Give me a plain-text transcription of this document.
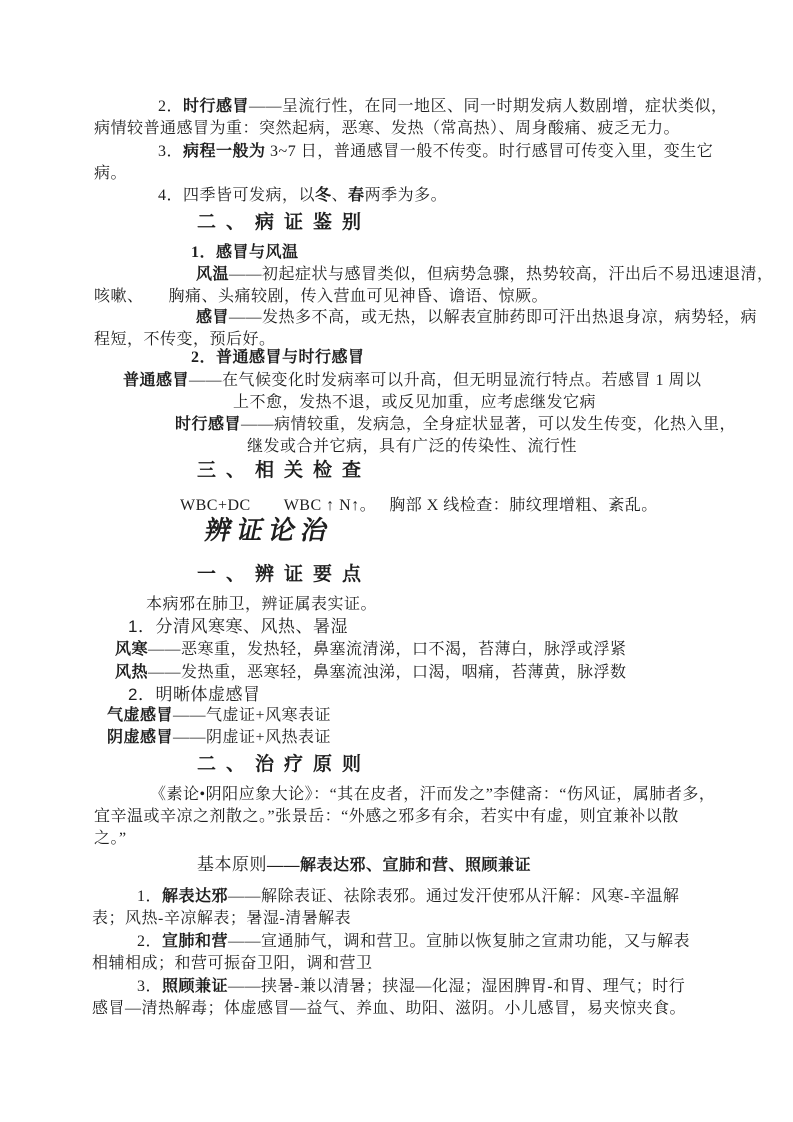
2．时行感冒——呈流行性，在同一地区、同一时期发病人数剧增，症状类似，
病情较普通感冒为重：突然起病，恶寒、发热（常高热）、周身酸痛、疲乏无力。
3．病程一般为 3~7 日，普通感冒一般不传变。时行感冒可传变入里，变生它
病。
4．四季皆可发病，以冬、春两季为多。
二、病证鉴别
1．感冒与风温
风温——初起症状与感冒类似，但病势急骤，热势较高，汗出后不易迅速退清，
咳嗽、　　胸痛、头痛较剧，传入营血可见神昏、谵语、惊厥。
感冒——发热多不高，或无热，以解表宣肺药即可汗出热退身凉，病势轻，病
程短，不传变，预后好。
2．普通感冒与时行感冒
普通感冒——在气候变化时发病率可以升高，但无明显流行特点。若感冒 1 周以
上不愈，发热不退，或反见加重，应考虑继发它病
时行感冒——病情较重，发病急，全身症状显著，可以发生传变，化热入里，
继发或合并它病，具有广泛的传染性、流行性
三、相关检查
WBC+DC　　WBC ↑ N↑。　 胸部 X 线检查：肺纹理增粗、紊乱。
辨证论治
一、辨证要点
本病邪在肺卫，辨证属表实证。
1．分清风寒寒、风热、暑湿
风寒——恶寒重，发热轻，鼻塞流清涕，口不渴，苔薄白，脉浮或浮紧
风热——发热重，恶寒轻，鼻塞流浊涕，口渴，咽痛，苔薄黄，脉浮数
2．明晰体虚感冒
气虚感冒——气虚证+风寒表证
阴虚感冒——阴虚证+风热表证
二、治疗原则
《素论•阴阳应象大论》：“其在皮者，汗而发之”李健斋：“伤风证，属肺者多，
宜辛温或辛凉之剂散之。”张景岳：“外感之邪多有余，若实中有虚，则宜兼补以散
之。”
基本原则——解表达邪、宣肺和营、照顾兼证
1．解表达邪——解除表证、祛除表邪。通过发汗使邪从汗解：风寒-辛温解
表；风热-辛凉解表；暑湿-清暑解表
2．宣肺和营——宣通肺气，调和营卫。宣肺以恢复肺之宣肃功能，又与解表
相辅相成；和营可振奋卫阳，调和营卫
3．照顾兼证——挟暑-兼以清暑；挟湿—化湿；湿困脾胃-和胃、理气；时行
感冒—清热解毒；体虚感冒—益气、养血、助阳、滋阴。小儿感冒，易夹惊夹食。
